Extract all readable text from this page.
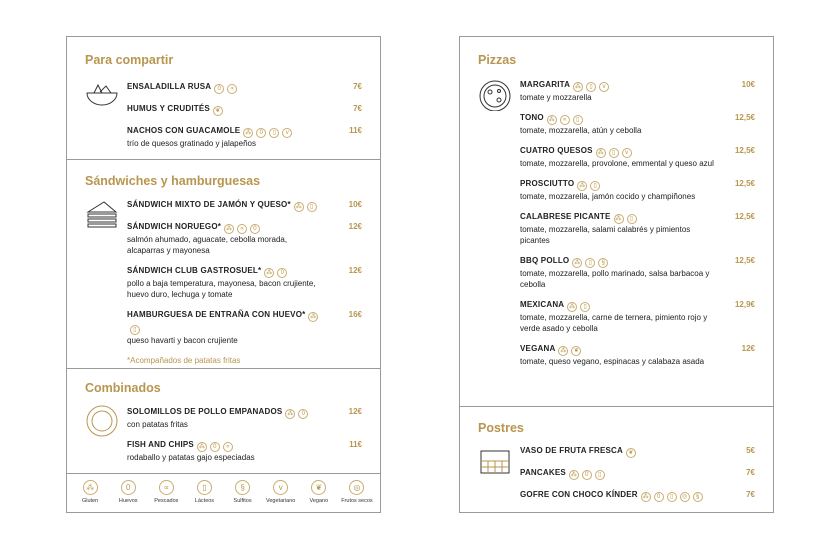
Para compartir
ENSALADILLA RUSA 0 ∝	7€
HUMUS Y CRUDITÉS ❦	7€
NACHOS CON GUACAMOLE ⁂ 0 ▯ v
trío de quesos gratinado y jalapeños
11€
Sándwiches y hamburguesas
SÁNDWICH MIXTO DE JAMÓN Y QUESO* ⁂ ▯	10€
SÁNDWICH NORUEGO* ⁂ ∝ 0
salmón ahumado, aguacate, cebolla morada, alcaparras y mayonesa
12€
SÁNDWICH CLUB GASTROSUEL* ⁂ 0
pollo a baja temperatura, mayonesa, bacon crujiente, huevo duro, lechuga y tomate
12€
HAMBURGUESA DE ENTRAÑA CON HUEVO* ⁂▯
queso havarti y bacon crujiente
16€
*Acompañados de patatas fritas
Combinados
SOLOMILLOS DE POLLO EMPANADOS ⁂ 0
con patatas fritas
12€
FISH AND CHIPS ⁂ 0 ∝
rodaballo y patatas gajo especiadas
11€
⁂
Gluten
0
Huevos
∝
Pescados
▯
Lácteos
§
Sulfitos
v
Vegetariano
❦
Vegano
◎
Frutos secos
Pizzas
MARGARITA ⁂ ▯ v
tomate y mozzarella
10€
TONO ⁂ ∝ ▯
tomate, mozzarella, atún y cebolla
12,5€
CUATRO QUESOS ⁂ ▯ v
tomate, mozzarella, provolone, emmental y queso azul
12,5€
PROSCIUTTO ⁂ ▯
tomate, mozzarella, jamón cocido y champiñones
12,5€
CALABRESE PICANTE ⁂ ▯
tomate, mozzarella, salami calabrés y pimientos picantes
12,5€
BBQ POLLO ⁂ ▯ §
tomate, mozzarella, pollo marinado, salsa barbacoa y cebolla
12,5€
MEXICANA ⁂ ▯
tomate, mozzarella, carne de ternera, pimiento rojo y verde asado y cebolla
12,9€
VEGANA ⁂ ❦
tomate, queso vegano, espinacas y calabaza asada
12€
Postres
VASO DE FRUTA FRESCA ❦	5€
PANCAKES ⁂ 0 ▯	7€
GOFRE CON CHOCO KÍNDER ⁂ 0 ▯ ◎ §	7€
